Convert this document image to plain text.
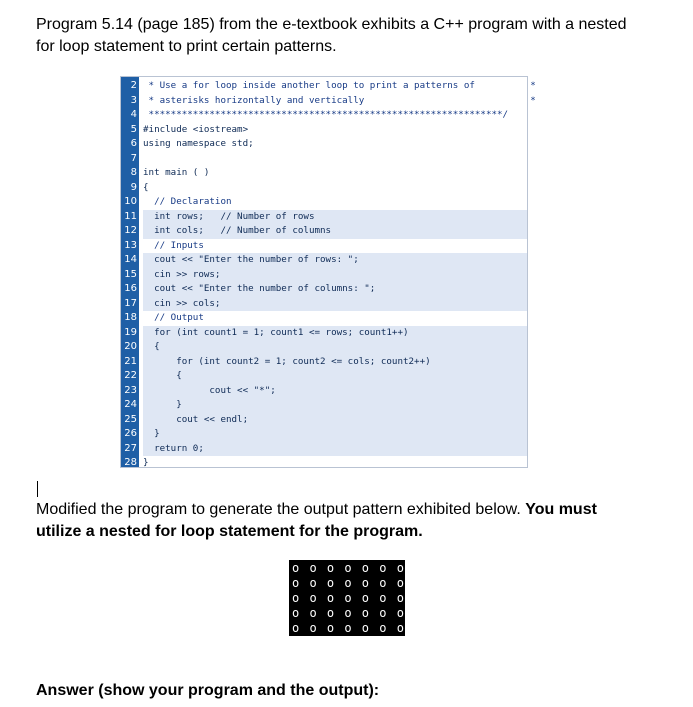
Program 5.14 (page 185) from the e-textbook exhibits a C++ program with a nested

for loop statement to print certain patterns.

2 * Use a for loop inside another loop to print a patterns of          *
3 * asterisks horizontally and vertically                              *
4 ****************************************************************/
5 #include <iostream>
6 using namespace std;
7
8 int main ( )
9 {
10 // Declaration
11 int rows;   // Number of rows
12 int cols;   // Number of columns
13 // Inputs
14 cout << "Enter the number of rows: ";
15 cin >> rows;
16 cout << "Enter the number of columns: ";
17 cin >> cols;
18 // Output
19 for (int count1 = 1; count1 <= rows; count1++)
20 {
21 for (int count2 = 1; count2 <= cols; count2++)
22 {
23 cout << "*";
24 }
25 cout << endl;
26 }
27 return 0;
28 }

Modified the program to generate the output pattern exhibited below. You must

utilize a nested for loop statement for the program.

o o o o o o o
o o o o o o o
o o o o o o o
o o o o o o o
o o o o o o o
Answer (show your program and the output):
